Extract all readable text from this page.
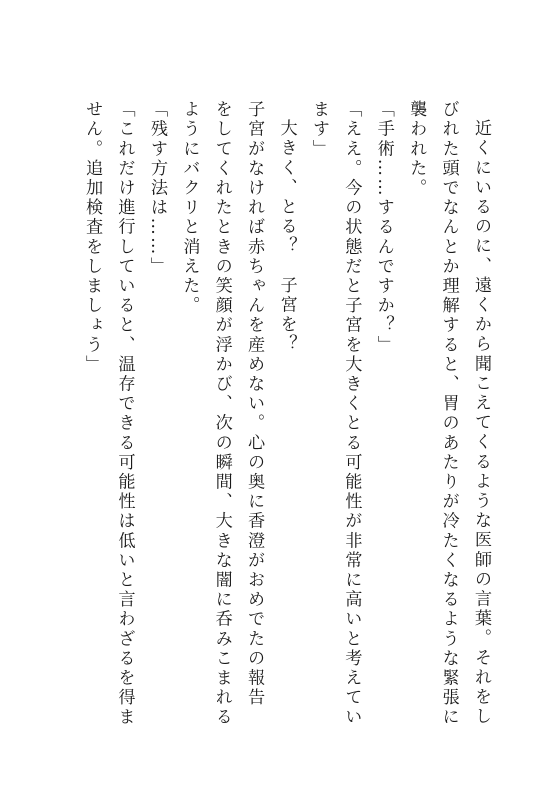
近くにいるのに、遠くから聞こえてくるような医師の言葉。それをし
びれた頭でなんとか理解すると、胃のあたりが冷たくなるような緊張に
襲われた。
「手術……するんですか？」
「ええ。今の状態だと子宮を大きくとる可能性が非常に高いと考えてい
ます」
大きく、とる？　子宮を？
子宮がなければ赤ちゃんを産めない。心の奥に香澄がおめでたの報告
をしてくれたときの笑顔が浮かび、次の瞬間、大きな闇に呑みこまれる
ようにバクリと消えた。
「残す方法は……」
「これだけ進行していると、温存できる可能性は低いと言わざるを得ま
せん。追加検査をしましょう」
